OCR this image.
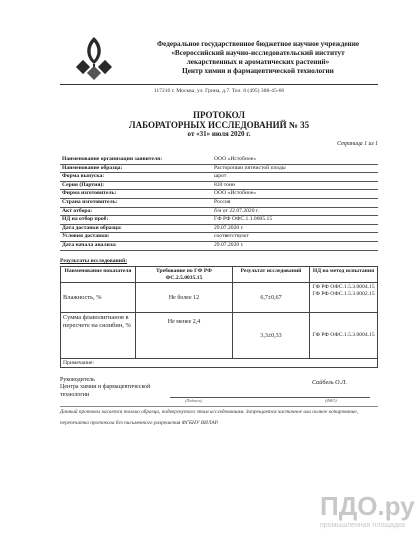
Федеральное государственное бюджетное научное учреждение
«Всероссийский научно-исследовательский институт
лекарственных и ароматических растений»
Центр химии и фармацевтической технологии
117216 г. Москва, ул. Грина, д.7. Тел. 8 (495) 388-45-66
ПРОТОКОЛ
ЛАБОРАТОРНЫХ ИССЛЕДОВАНИЙ № 35
от «31» июля 2020 г.
Страница 1 из 1
Наименование организации заявителя:	ООО «Истобное»
Наименование образца:	Расторопши пятнистой плоды
Форма выпуска:	шрот
Серия (Партия):	830 тонн
Фирма изготовитель:	ООО «Истобное»
Страна изготовитель:	Россия
Акт отбора:	б/н от 22.07.2020 г.
НД на отбор проб:	ГФ РФ ОФС.1.1.0005.15
Дата доставки образца:	29.07.2020 г.
Условия доставки:	соответствуют
Дата начала анализа:	29.07.2020 г.
Результаты исследований:
Наименование показателя	Требование по ГФ РФ ФС.2.5.0035.15	Результат исследований	НД на метод испытания
Влажность, %	Не более 12	6,7±0,67	ГФ РФ ОФС.1.5.3.0004.15 ГФ РФ ОФС.1.5.3.0002.15
Сумма флаволигнанов в пересчете на силибин, %	Не менее 2,4	3,3±0,33	ГФ РФ ОФС.1.5.3.0004.15
Примечание:			
Руководитель
Центра химии и фармацевтической
технологии
Сайбель О.Л.
(Подпись)	(ФИО)
Данный протокол касается только образца, подвергнутого этим исследованиям. Запрещается частичное или полное копирование, перепечатка протокола без письменного разрешения ФГБНУ ВИЛАР.
ПДО.ру
промышленная площадка
